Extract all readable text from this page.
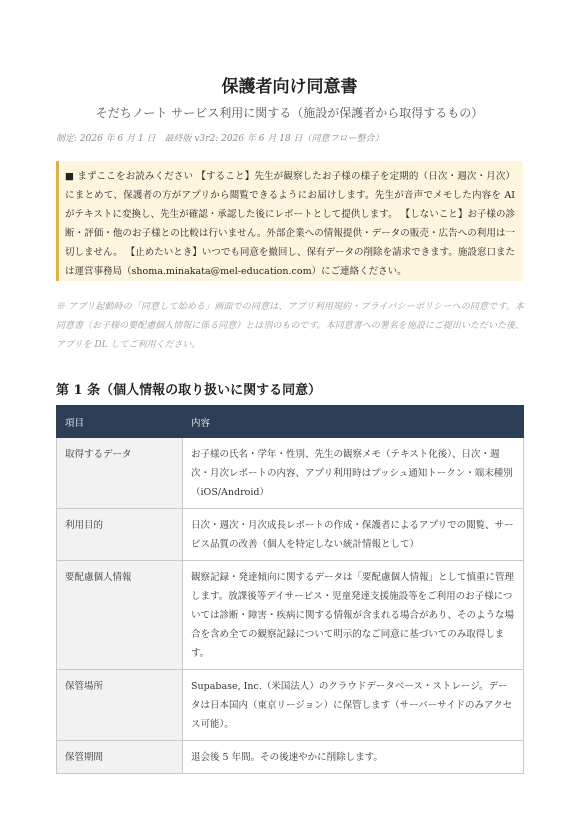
保護者向け同意書

そだちノート サービス利用に関する（施設が保護者から取得するもの）

制定: 2026 年 6 月 1 日　最終版 v3r2: 2026 年 6 月 18 日（同意フロー整合）

■ まずここをお読みください 【すること】先生が観察したお子様の様子を定期的（日次・週次・月次）にまとめて、保護者の方がアプリから閲覧できるようにお届けします。先生が音声でメモした内容を AI がテキストに変換し、先生が確認・承認した後にレポートとして提供します。 【しないこと】お子様の診断・評価・他のお子様との比較は行いません。外部企業への情報提供・データの販売・広告への利用は一切しません。 【止めたいとき】いつでも同意を撤回し、保有データの削除を請求できます。施設窓口または運営事務局（shoma.minakata@mel-education.com）にご連絡ください。

※ アプリ起動時の「同意して始める」画面での同意は、アプリ利用規約・プライバシーポリシーへの同意です。本同意書（お子様の要配慮個人情報に係る同意）とは別のものです。本同意書への署名を施設にご提出いただいた後、アプリを DL してご利用ください。

第 1 条（個人情報の取り扱いに関する同意）
項目	内容
取得するデータ	お子様の氏名・学年・性別、先生の観察メモ（テキスト化後）、日次・週次・月次レポートの内容、アプリ利用時はプッシュ通知トークン・端末種別（iOS/Android）
利用目的	日次・週次・月次成長レポートの作成・保護者によるアプリでの閲覧、サービス品質の改善（個人を特定しない統計情報として）
要配慮個人情報	観察記録・発達傾向に関するデータは「要配慮個人情報」として慎重に管理します。放課後等デイサービス・児童発達支援施設等をご利用のお子様については診断・障害・疾病に関する情報が含まれる場合があり、そのような場合を含め全ての観察記録について明示的なご同意に基づいてのみ取得します。
保管場所	Supabase, Inc.（米国法人）のクラウドデータベース・ストレージ。データは日本国内（東京リージョン）に保管します（サーバーサイドのみアクセス可能）。
保管期間	退会後 5 年間。その後速やかに削除します。
